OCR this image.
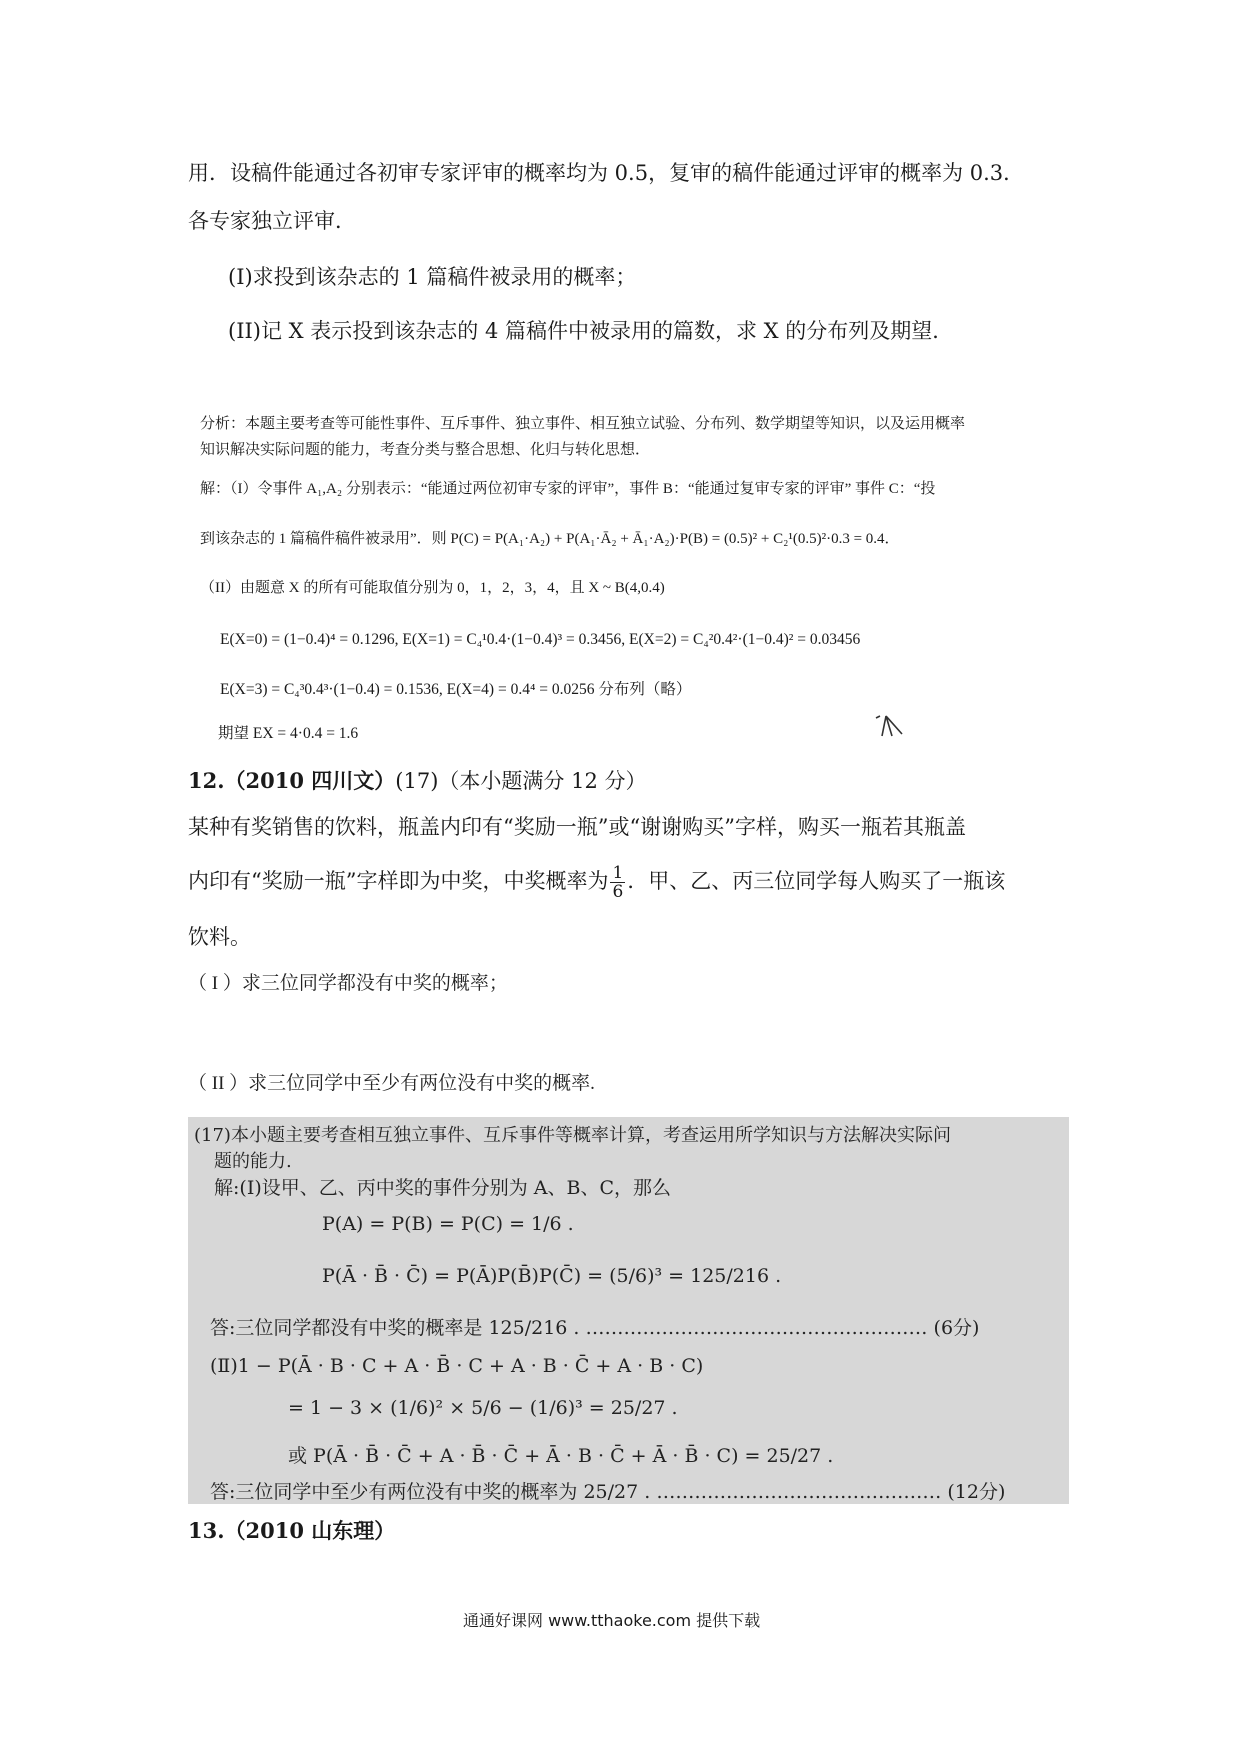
用．设稿件能通过各初审专家评审的概率均为 0.5，复审的稿件能通过评审的概率为 0.3．
各专家独立评审．
(I)求投到该杂志的 1 篇稿件被录用的概率；
(II)记 X 表示投到该杂志的 4 篇稿件中被录用的篇数，求 X 的分布列及期望．
分析：本题主要考查等可能性事件、互斥事件、独立事件、相互独立试验、分布列、数学期望等知识，以及运用概率
知识解决实际问题的能力，考查分类与整合思想、化归与转化思想．
解：（I）令事件 A₁,A₂ 分别表示：“能通过两位初审专家的评审”，事件 B：“能通过复审专家的评审” 事件 C：“投
到该杂志的 1 篇稿件稿件被录用”．则 P(C) = P(A₁·A₂) + P(A₁·Ā₂ + Ā₁·A₂)·P(B) = (0.5)² + C₂¹(0.5)²·0.3 = 0.4．
（II）由题意 X 的所有可能取值分别为 0，1，2，3，4，且 X ~ B(4,0.4)
E(X=0) = (1−0.4)⁴ = 0.1296, E(X=1) = C₄¹0.4·(1−0.4)³ = 0.3456, E(X=2) = C₄²0.4²·(1−0.4)² = 0.03456
E(X=3) = C₄³0.4³·(1−0.4) = 0.1536, E(X=4) = 0.4⁴ = 0.0256 分布列（略）
期望 EX = 4·0.4 = 1.6
12.（2010 四川文）(17)（本小题满分 12 分）
某种有奖销售的饮料，瓶盖内印有“奖励一瓶”或“谢谢购买”字样，购买一瓶若其瓶盖
内印有“奖励一瓶”字样即为中奖，中奖概率为 $\frac{1}{6}$ ．甲、乙、丙三位同学每人购买了一瓶该
饮料。
（ I ）求三位同学都没有中奖的概率；
（ II ）求三位同学中至少有两位没有中奖的概率.
(17)本小题主要考查相互独立事件、互斥事件等概率计算，考查运用所学知识与方法解决实际问
题的能力.
解:(Ⅰ)设甲、乙、丙中奖的事件分别为 A、B、C，那么
P(A) = P(B) = P(C) = 1/6 .
P(Ā · B̄ · C̄) = P(Ā)P(B̄)P(C̄) = (5/6)³ = 125/216 .
答:三位同学都没有中奖的概率是 125/216 . ……………………………………………… (6分)
(Ⅱ)1 − P(Ā · B · C + A · B̄ · C + A · B · C̄ + A · B · C)
= 1 − 3 × (1/6)² × 5/6 − (1/6)³ = 25/27 .
或 P(Ā · B̄ · C̄ + A · B̄ · C̄ + Ā · B · C̄ + Ā · B̄ · C) = 25/27 .
答:三位同学中至少有两位没有中奖的概率为 25/27 . ……………………………………… (12分)
13.（2010 山东理）
通通好课网 www.tthaoke.com 提供下载
